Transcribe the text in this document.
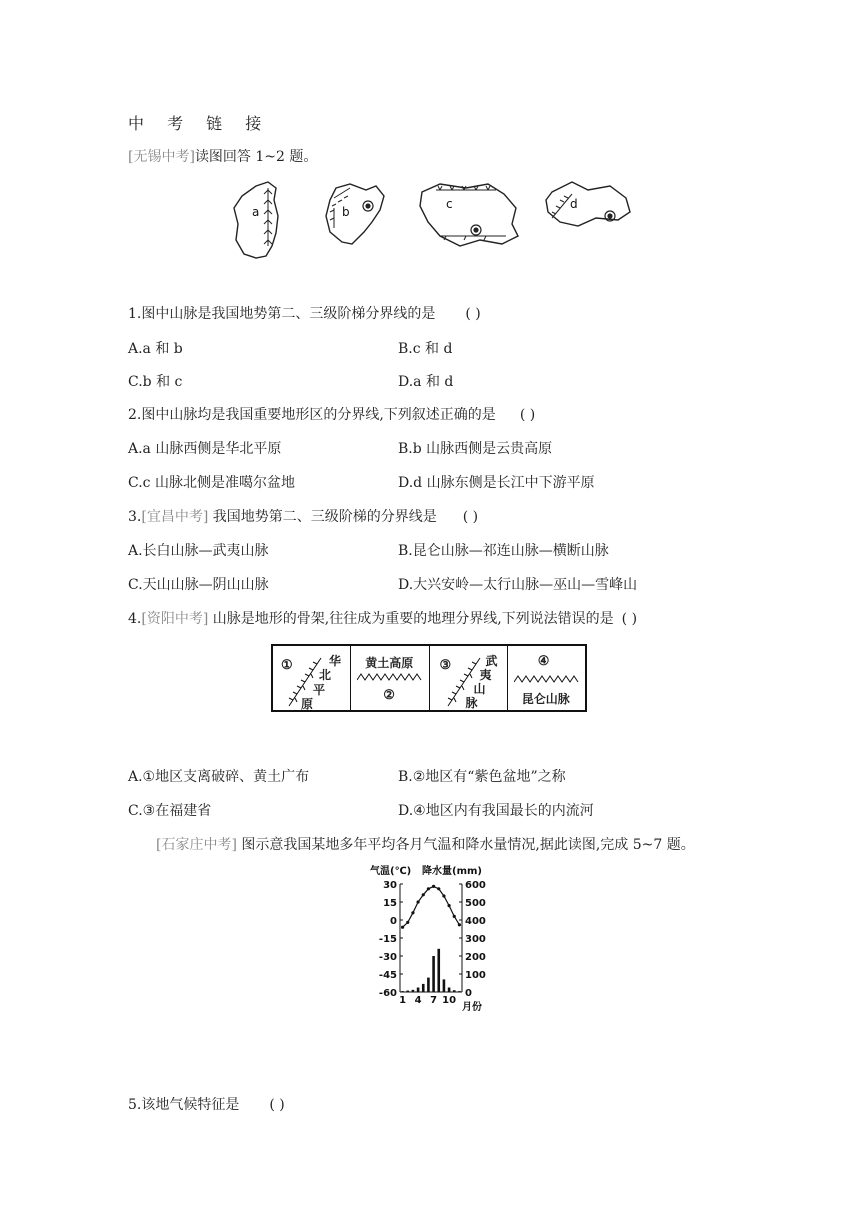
中 考 链 接
[无锡中考]读图回答 1~2 题。
a	b
c	d
1.图中山脉是我国地势第二、三级阶梯分界线的是 ( )
A.a 和 b	B.c 和 d
C.b 和 c	D.a 和 d
2.图中山脉均是我国重要地形区的分界线,下列叙述正确的是 ( )
A.a 山脉西侧是华北平原	B.b 山脉西侧是云贵高原
C.c 山脉北侧是准噶尔盆地	D.d 山脉东侧是长江中下游平原
3.[宜昌中考] 我国地势第二、三级阶梯的分界线是 ( )
A.长白山脉—武夷山脉	B.昆仑山脉—祁连山脉—横断山脉
C.天山山脉—阴山山脉	D.大兴安岭—太行山脉—巫山—雪峰山
4.[资阳中考] 山脉是地形的骨架,往往成为重要的地理分界线,下列说法错误的是 ( )
①	华
北
平
原
黄土高原
②
③	武
夷
山
脉
④
昆仑山脉
A.①地区支离破碎、黄土广布	B.②地区有“紫色盆地”之称
C.③在福建省	D.④地区内有我国最长的内流河
[石家庄中考] 图示意我国某地多年平均各月气温和降水量情况,据此读图,完成 5~7 题。
气温(℃) 降水量(mm)
月份
30
15
0
-15
-30
-45
-60
600
500
400
300
200
100
0
1 4 7 10
5.该地气候特征是 ( )
